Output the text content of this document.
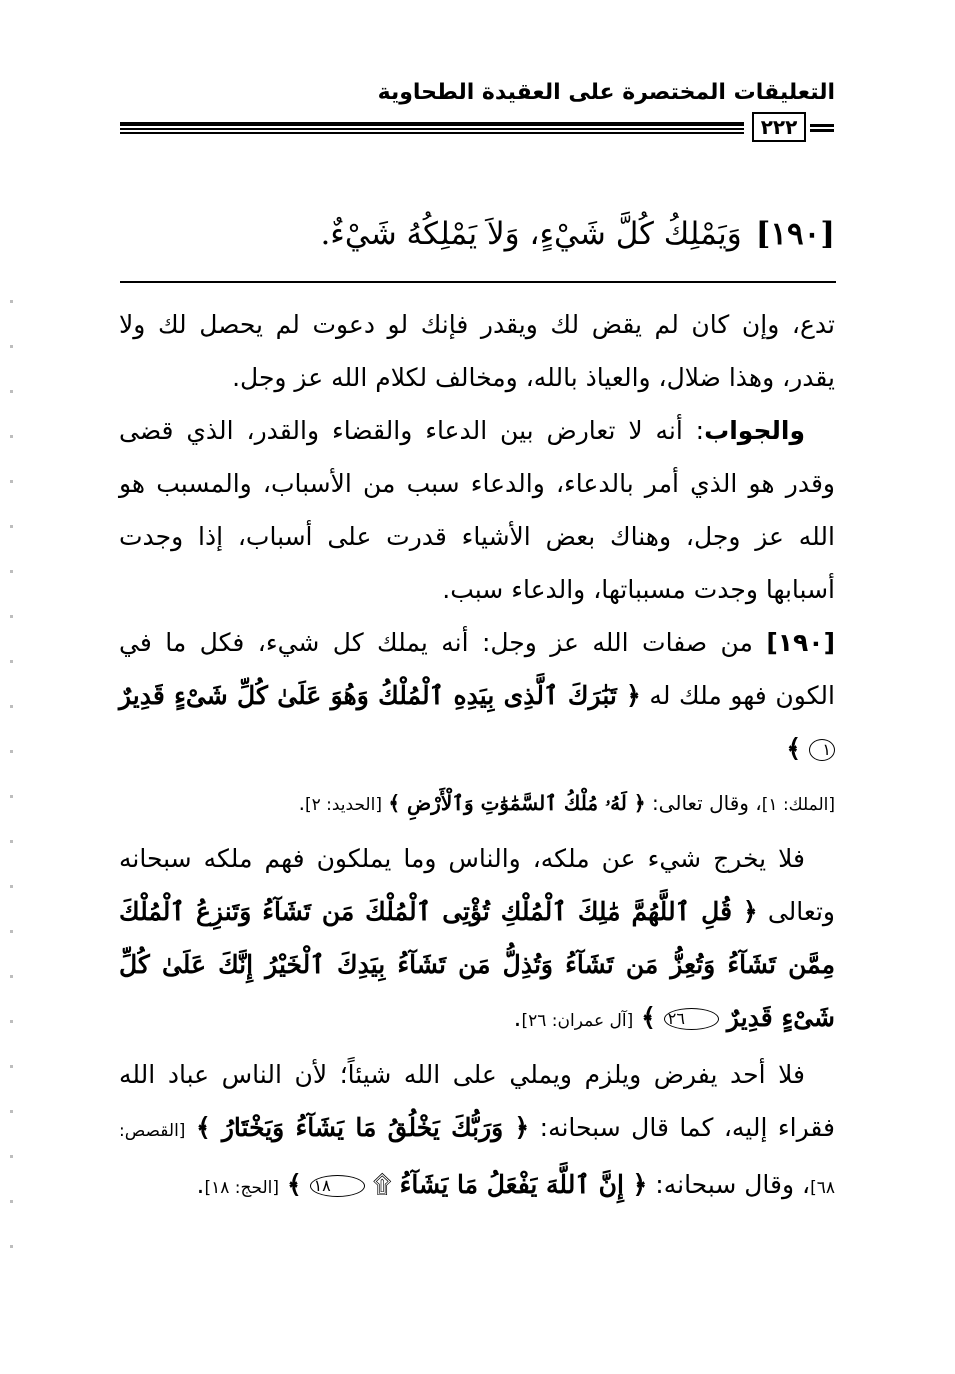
التعليقات المختصرة على العقيدة الطحاوية
٢٢٢
[١٩٠]وَيَمْلِكُ كُلَّ شَيْءٍ، وَلاَ يَمْلِكُهُ شَيْءٌ.

تدع، وإن كان لم يقض لك ويقدر فإنك لو دعوت لم يحصل لك ولا يقدر، وهذا ضلال، والعياذ بالله، ومخالف لكلام الله عز وجل.

والجواب: أنه لا تعارض بين الدعاء والقضاء والقدر، الذي قضى وقدر هو الذي أمر بالدعاء، والدعاء سبب من الأسباب، والمسبب هو الله عز وجل، وهناك بعض الأشياء قدرت على أسباب، إذا وجدت أسبابها وجدت مسبباتها، والدعاء سبب.

[١٩٠] من صفات الله عز وجل: أنه يملك كل شيء، فكل ما في الكون فهو ملك له ﴿ تَبَٰرَكَ ٱلَّذِى بِيَدِهِ ٱلْمُلْكُ وَهُوَ عَلَىٰ كُلِّ شَىْءٍ قَدِيرٌ ١ ﴾
[الملك: ١]، وقال تعالى: ﴿ لَهُۥ مُلْكُ ٱلسَّمَٰوَٰتِ وَٱلْأَرْضِ ﴾ [الحديد: ٢].

فلا يخرج شيء عن ملكه، والناس وما يملكون فهم ملكه سبحانه وتعالى ﴿ قُلِ ٱللَّهُمَّ مَٰلِكَ ٱلْمُلْكِ تُؤْتِى ٱلْمُلْكَ مَن تَشَآءُ وَتَنزِعُ ٱلْمُلْكَ مِمَّن تَشَآءُ وَتُعِزُّ مَن تَشَآءُ وَتُذِلُّ مَن تَشَآءُ بِيَدِكَ ٱلْخَيْرُ إِنَّكَ عَلَىٰ كُلِّ شَىْءٍ قَدِيرٌ ٢٦ ﴾ [آل عمران: ٢٦].

فلا أحد يفرض ويلزم ويملي على الله شيئاً؛ لأن الناس عباد الله فقراء إليه، كما قال سبحانه: ﴿ وَرَبُّكَ يَخْلُقُ مَا يَشَآءُ وَيَخْتَارُ ﴾ [القصص: ٦٨]، وقال سبحانه: ﴿ إِنَّ ٱللَّهَ يَفْعَلُ مَا يَشَآءُ ۩ ١٨ ﴾ [الحج: ١٨].
